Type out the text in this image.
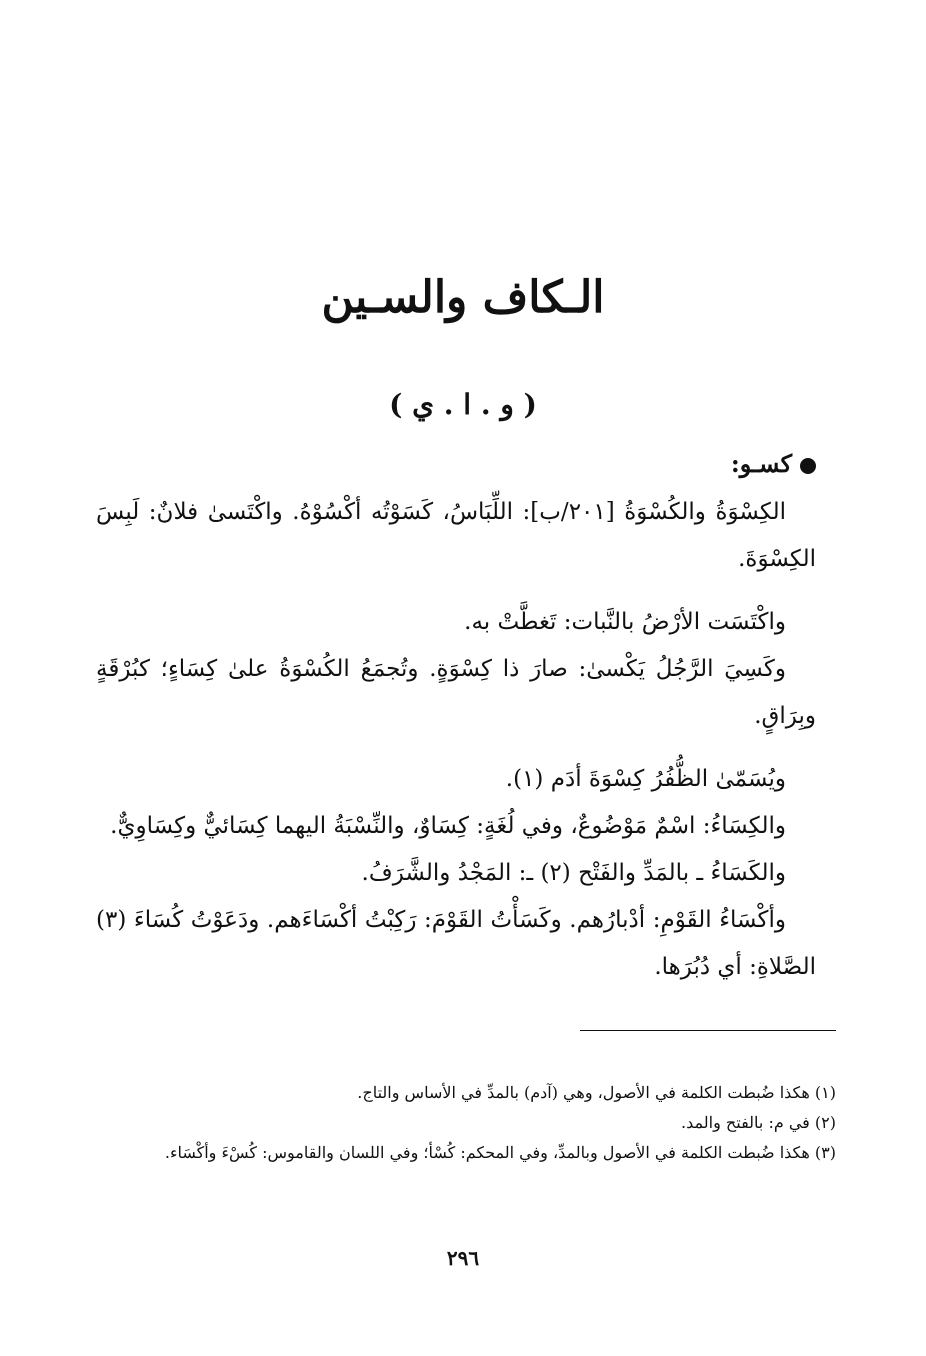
الـكاف والسـين
( و . ا . ي )
كسـو:

الكِسْوَةُ والكُسْوَةُ [٢٠١/ب]: اللِّبَاسُ، كَسَوْتُه أكْسُوْهُ. واكْتَسىٰ فلانٌ: لَبِسَ الكِسْوَةَ.

واكْتَسَت الأرْضُ بالنَّبات: تَغطَّتْ به.

وكَسِيَ الرَّجُلُ يَكْسىٰ: صارَ ذا كِسْوَةٍ. وتُجمَعُ الكُسْوَةُ علىٰ كِسَاءٍ؛ كبُرْقَةٍ وبِرَاقٍ.

ويُسَمّىٰ الظُّفُرُ كِسْوَةَ أدَم (١).

والكِسَاءُ: اسْمٌ مَوْضُوعٌ، وفي لُغَةٍ: كِسَاوٌ، والنِّسْبَةُ اليهما كِسَائيٌّ وكِسَاوِيٌّ.

والكَسَاءُ ـ بالمَدِّ والفَتْح (٢) ـ: المَجْدُ والشَّرَفُ.

وأكْسَاءُ القَوْمِ: أدْبارُهم. وكَسَأْتُ القَوْمَ: رَكِبْتُ أكْسَاءَهم. ودَعَوْتُ كُسَاءَ (٣) الصَّلاةِ: أي دُبُرَها.

(١) هكذا ضُبطت الكلمة في الأصول، وهي (آدم) بالمدِّ في الأساس والتاج.

(٢) في م: بالفتح والمد.

(٣) هكذا ضُبطت الكلمة في الأصول وبالمدِّ، وفي المحكم: كُسْأ؛ وفي اللسان والقاموس: كُسْءَ وأكْسَاء.

٢٩٦
